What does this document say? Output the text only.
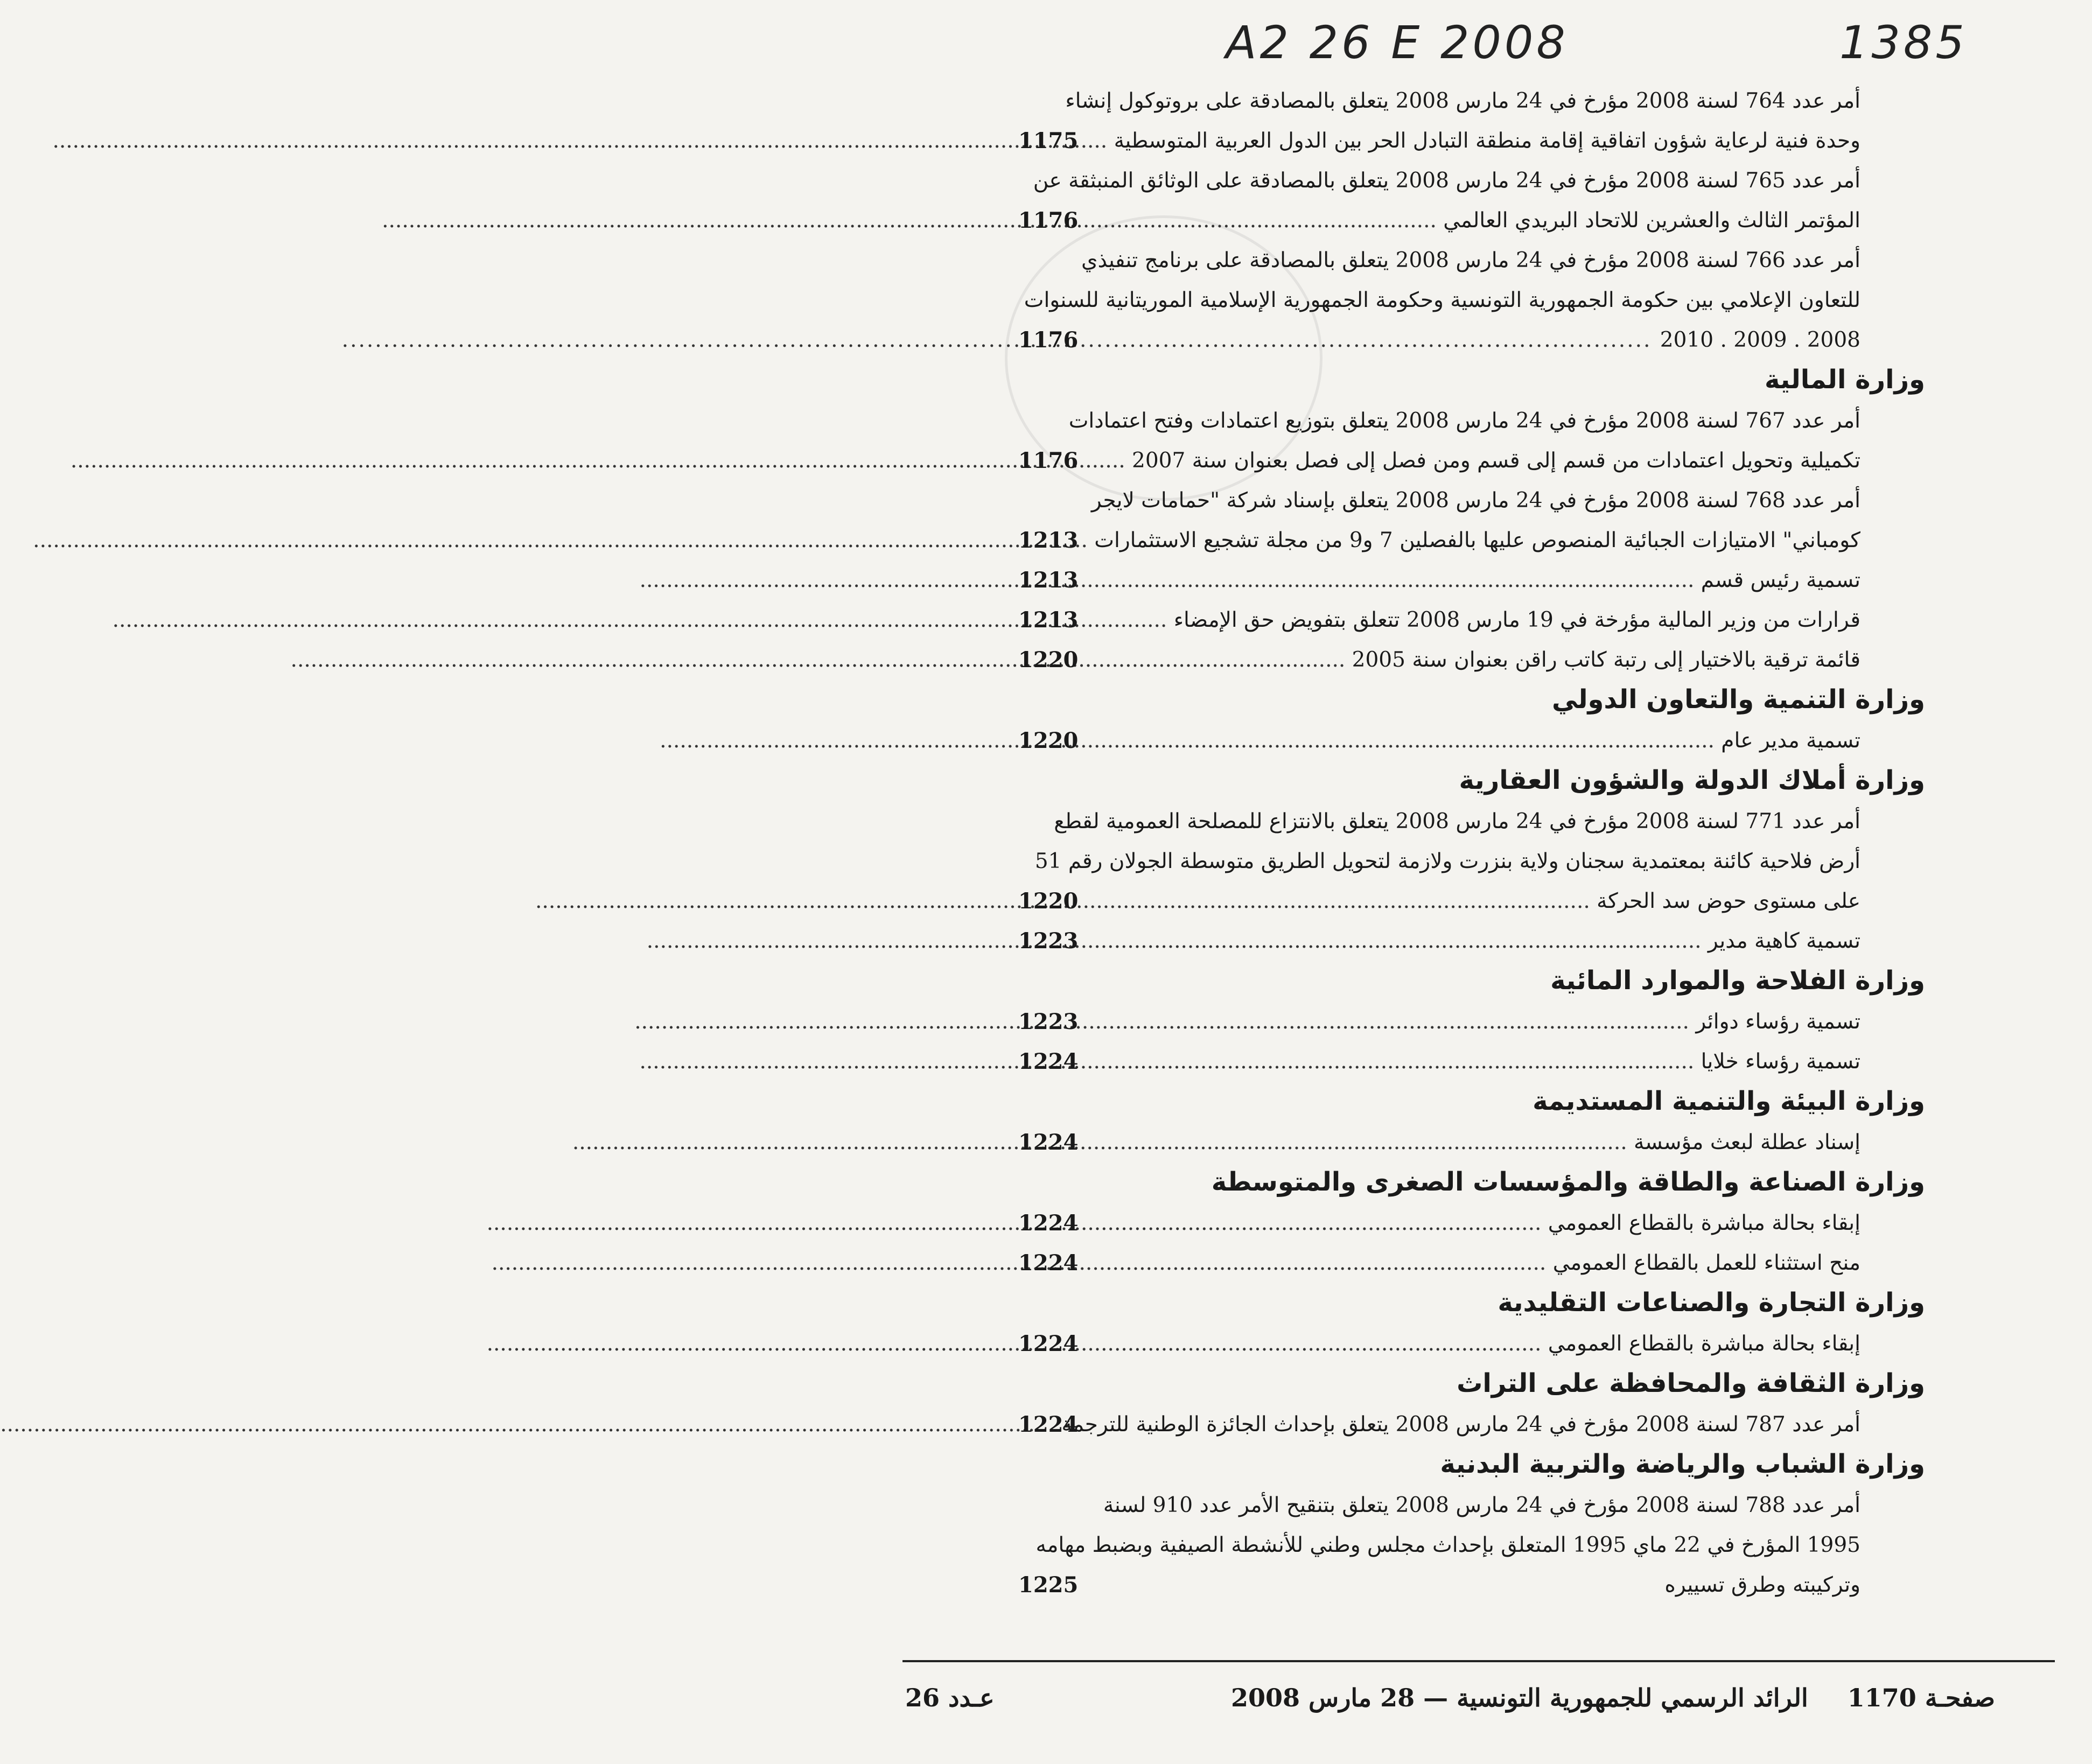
A2 26 E 2008	1385
أمر عدد 764 لسنة 2008 مؤرخ في 24 مارس 2008 يتعلق بالمصادقة على بروتوكول إنشاء
وحدة فنية لرعاية شؤون اتفاقية إقامة منطقة التبادل الحر بين الدول العربية المتوسطية .....
1175
أمر عدد 765 لسنة 2008 مؤرخ في 24 مارس 2008 يتعلق بالمصادقة على الوثائق المنبثقة عن
المؤتمر الثالث والعشرين للاتحاد البريدي العالمي .....
1176
أمر عدد 766 لسنة 2008 مؤرخ في 24 مارس 2008 يتعلق بالمصادقة على برنامج تنفيذي
للتعاون الإعلامي بين حكومة الجمهورية التونسية وحكومة الجمهورية الإسلامية الموريتانية للسنوات
2008 . 2009 . 2010 .....
1176
وزارة المالية
أمر عدد 767 لسنة 2008 مؤرخ في 24 مارس 2008 يتعلق بتوزيع اعتمادات وفتح اعتمادات
تكميلية وتحويل اعتمادات من قسم إلى قسم ومن فصل إلى فصل بعنوان سنة 2007 .....
1176
أمر عدد 768 لسنة 2008 مؤرخ في 24 مارس 2008 يتعلق بإسناد شركة "حمامات لايجر
كومباني" الامتيازات الجبائية المنصوص عليها بالفصلين 7 و9 من مجلة تشجيع الاستثمارات .....
1213
تسمية رئيس قسم .....
1213
قرارات من وزير المالية مؤرخة في 19 مارس 2008 تتعلق بتفويض حق الإمضاء .....
1213
قائمة ترقية بالاختيار إلى رتبة كاتب راقن بعنوان سنة 2005 .....
1220
وزارة التنمية والتعاون الدولي
تسمية مدير عام .....
1220
وزارة أملاك الدولة والشؤون العقارية
أمر عدد 771 لسنة 2008 مؤرخ في 24 مارس 2008 يتعلق بالانتزاع للمصلحة العمومية لقطع
أرض فلاحية كائنة بمعتمدية سجنان ولاية بنزرت ولازمة لتحويل الطريق متوسطة الجولان رقم 51
على مستوى حوض سد الحركة .....
1220
تسمية كاهية مدير .....
1223
وزارة الفلاحة والموارد المائية
تسمية رؤساء دوائر .....
1223
تسمية رؤساء خلايا .....
1224
وزارة البيئة والتنمية المستديمة
إسناد عطلة لبعث مؤسسة .....
1224
وزارة الصناعة والطاقة والمؤسسات الصغرى والمتوسطة
إبقاء بحالة مباشرة بالقطاع العمومي .....
1224
منح استثناء للعمل بالقطاع العمومي .....
1224
وزارة التجارة والصناعات التقليدية
إبقاء بحالة مباشرة بالقطاع العمومي .....
1224
وزارة الثقافة والمحافظة على التراث
أمر عدد 787 لسنة 2008 مؤرخ في 24 مارس 2008 يتعلق بإحداث الجائزة الوطنية للترجمة .....
1224
وزارة الشباب والرياضة والتربية البدنية
أمر عدد 788 لسنة 2008 مؤرخ في 24 مارس 2008 يتعلق بتنقيح الأمر عدد 910 لسنة
1995 المؤرخ في 22 ماي 1995 المتعلق بإحداث مجلس وطني للأنشطة الصيفية وبضبط مهامه
وتركيبته وطرق تسييره
1225
صفحـة 1170
الرائد الرسمي للجمهورية التونسية — 28 مارس 2008
عـدد 26
